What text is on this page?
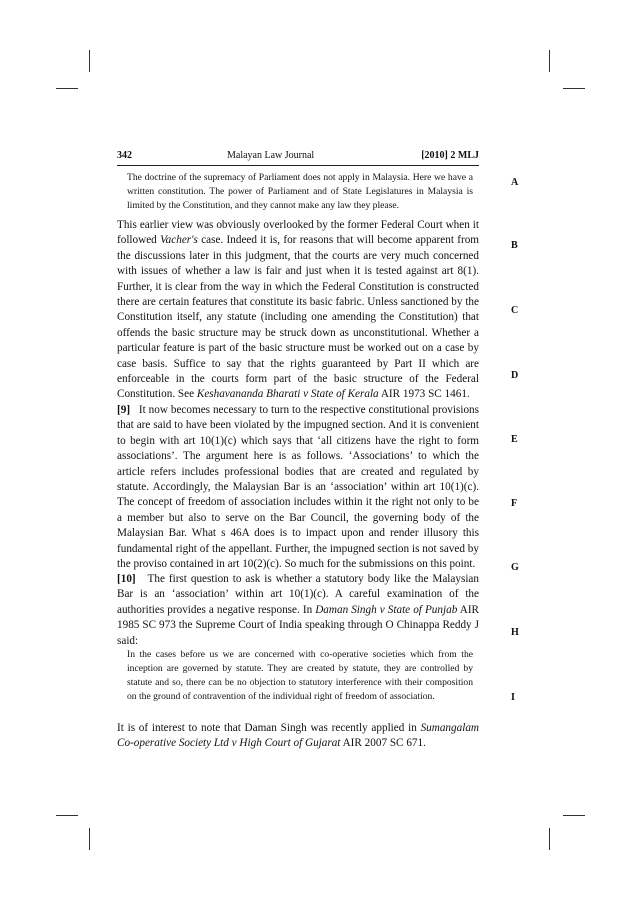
342	Malayan Law Journal	[2010] 2 MLJ
The doctrine of the supremacy of Parliament does not apply in Malaysia. Here we have a written constitution. The power of Parliament and of State Legislatures in Malaysia is limited by the Constitution, and they cannot make any law they please.

This earlier view was obviously overlooked by the former Federal Court when it followed Vacher's case. Indeed it is, for reasons that will become apparent from the discussions later in this judgment, that the courts are very much concerned with issues of whether a law is fair and just when it is tested against art 8(1). Further, it is clear from the way in which the Federal Constitution is constructed there are certain features that constitute its basic fabric. Unless sanctioned by the Constitution itself, any statute (including one amending the Constitution) that offends the basic structure may be struck down as unconstitutional. Whether a particular feature is part of the basic structure must be worked out on a case by case basis. Suffice to say that the rights guaranteed by Part II which are enforceable in the courts form part of the basic structure of the Federal Constitution. See Keshavananda Bharati v State of Kerala AIR 1973 SC 1461.

[9] It now becomes necessary to turn to the respective constitutional provisions that are said to have been violated by the impugned section. And it is convenient to begin with art 10(1)(c) which says that ‘all citizens have the right to form associations’. The argument here is as follows. ‘Associations’ to which the article refers includes professional bodies that are created and regulated by statute. Accordingly, the Malaysian Bar is an ‘association’ within art 10(1)(c). The concept of freedom of association includes within it the right not only to be a member but also to serve on the Bar Council, the governing body of the Malaysian Bar. What s 46A does is to impact upon and render illusory this fundamental right of the appellant. Further, the impugned section is not saved by the proviso contained in art 10(2)(c). So much for the submissions on this point.

[10] The first question to ask is whether a statutory body like the Malaysian Bar is an ‘association’ within art 10(1)(c). A careful examination of the authorities provides a negative response. In Daman Singh v State of Punjab AIR 1985 SC 973 the Supreme Court of India speaking through O Chinappa Reddy J said:

In the cases before us we are concerned with co-operative societies which from the inception are governed by statute. They are created by statute, they are controlled by statute and so, there can be no objection to statutory interference with their composition on the ground of contravention of the individual right of freedom of association.

It is of interest to note that Daman Singh was recently applied in Sumangalam Co-operative Society Ltd v High Court of Gujarat AIR 2007 SC 671.

A
B
C
D
E
F
G
H
I
